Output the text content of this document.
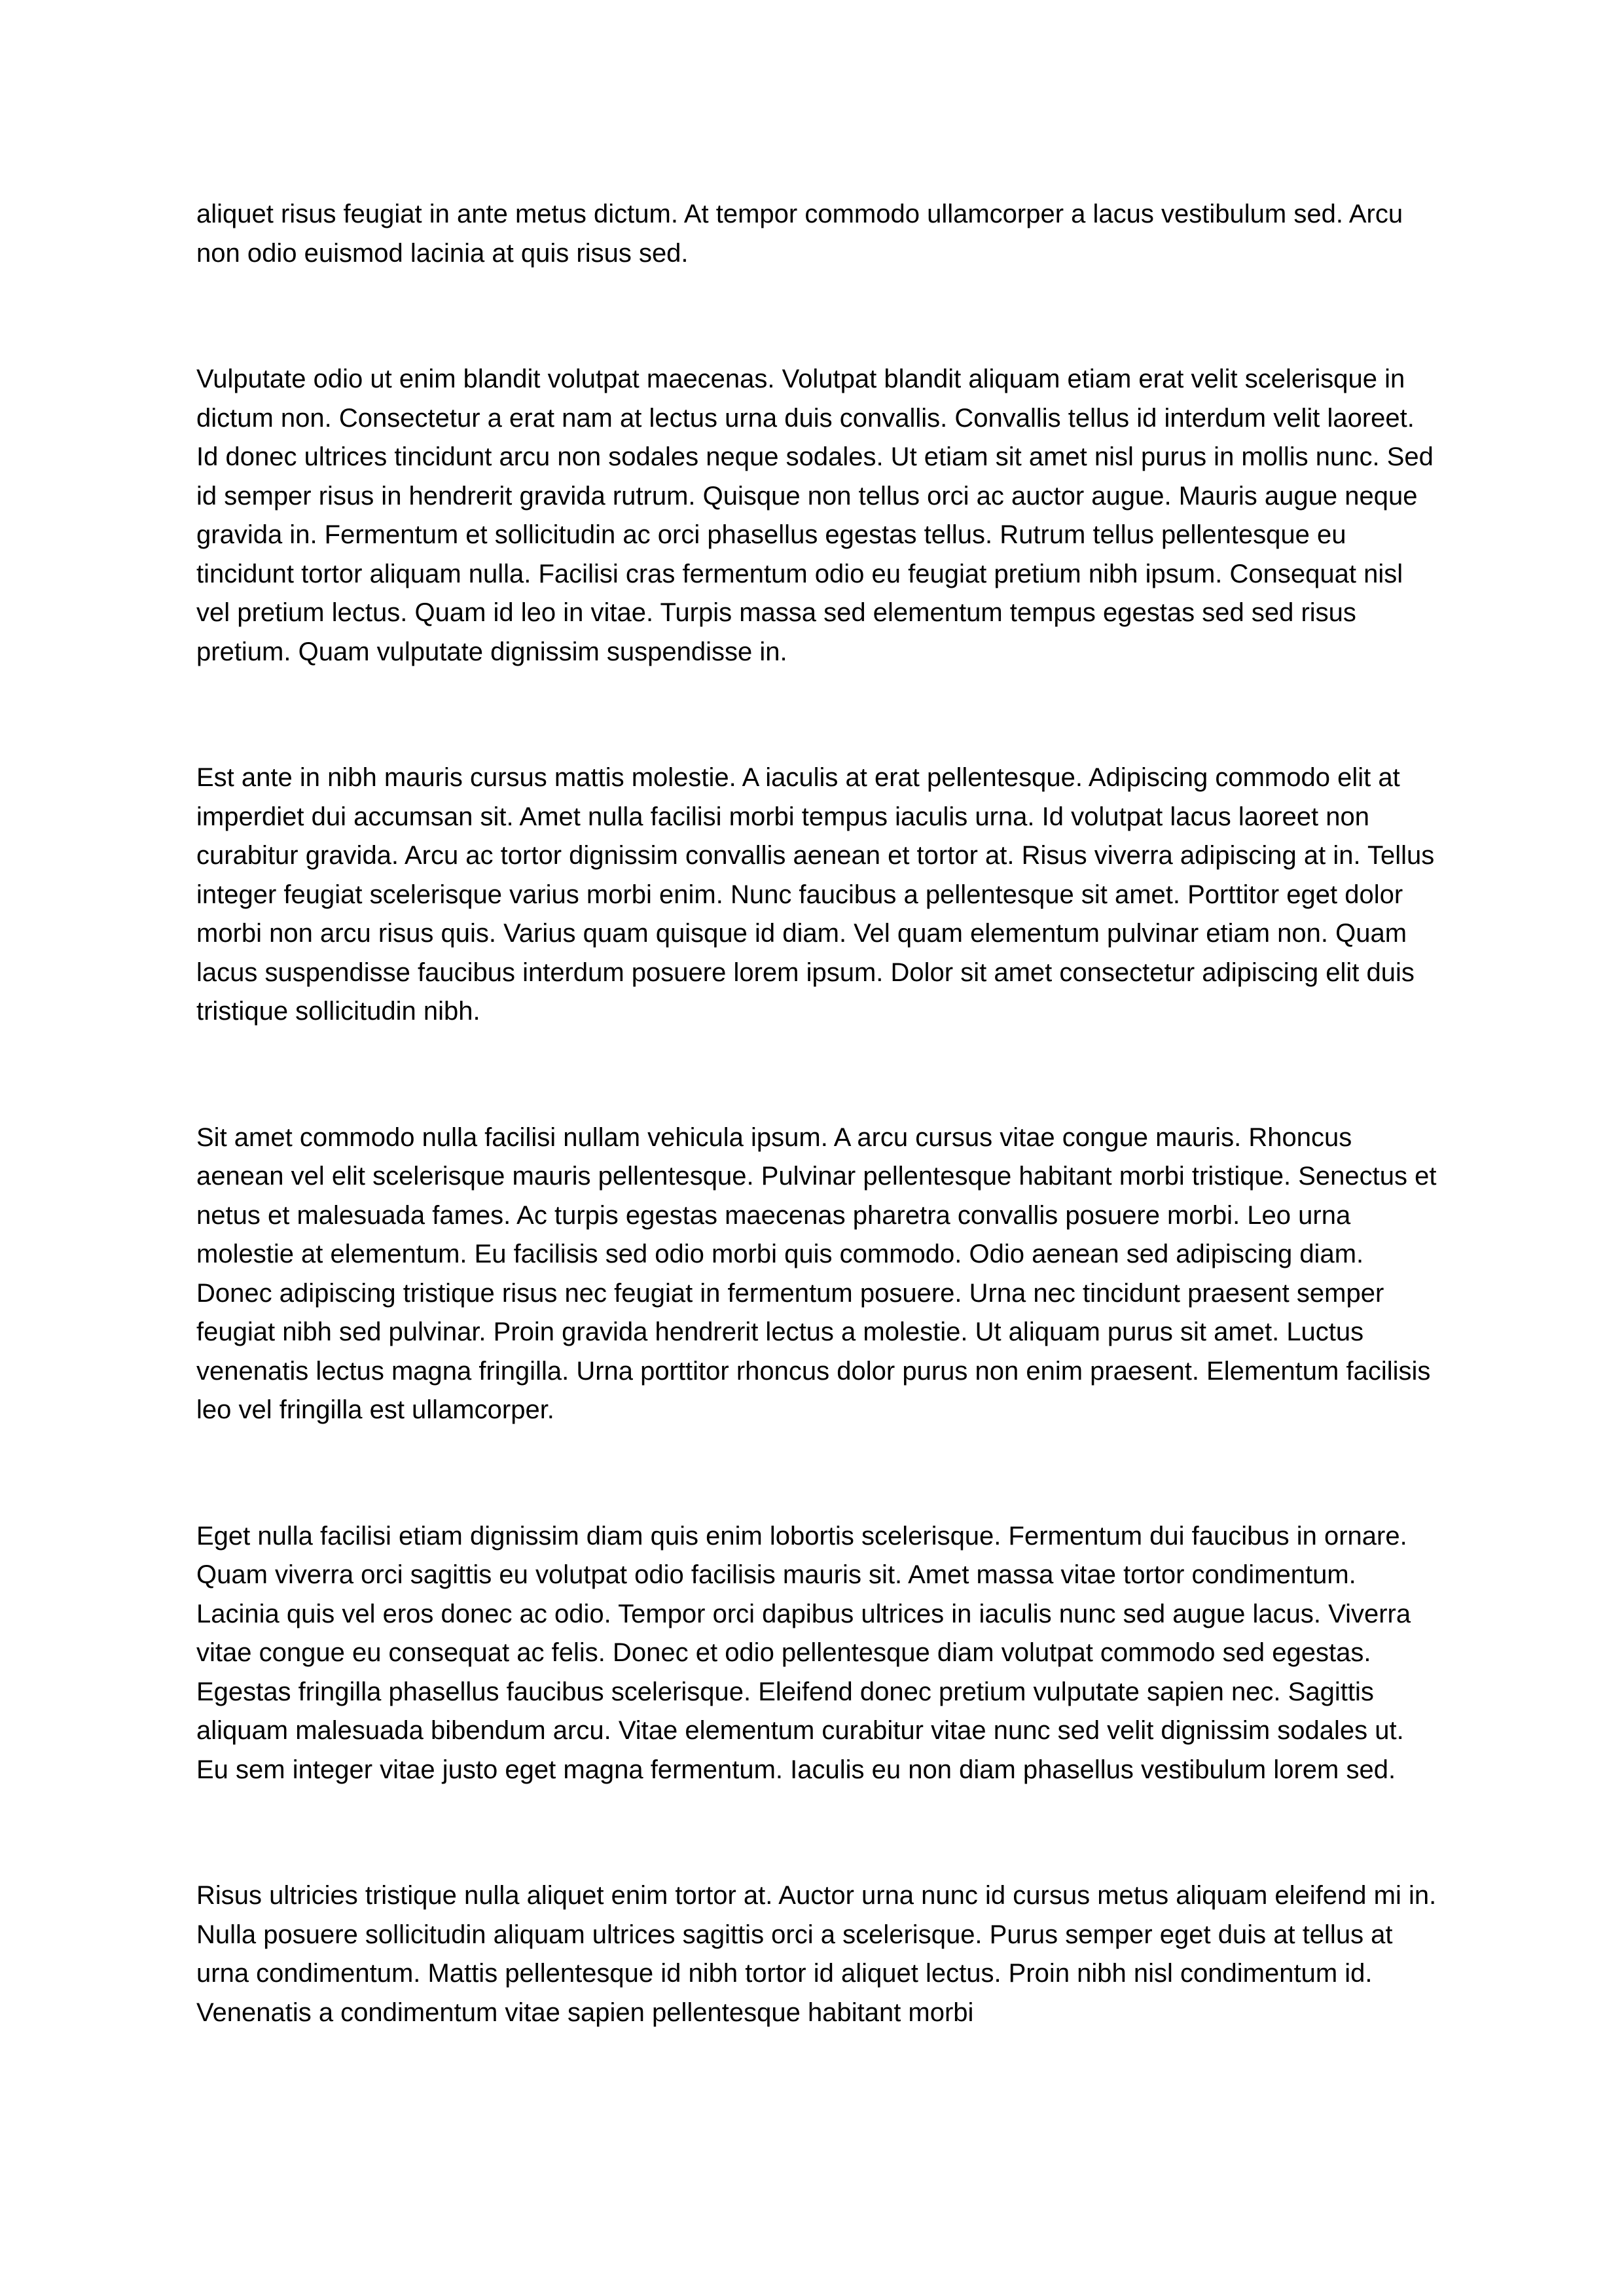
aliquet risus feugiat in ante metus dictum. At tempor commodo ullamcorper a lacus vestibulum sed. Arcu non odio euismod lacinia at quis risus sed.

Vulputate odio ut enim blandit volutpat maecenas. Volutpat blandit aliquam etiam erat velit scelerisque in dictum non. Consectetur a erat nam at lectus urna duis convallis. Convallis tellus id interdum velit laoreet. Id donec ultrices tincidunt arcu non sodales neque sodales. Ut etiam sit amet nisl purus in mollis nunc. Sed id semper risus in hendrerit gravida rutrum. Quisque non tellus orci ac auctor augue. Mauris augue neque gravida in. Fermentum et sollicitudin ac orci phasellus egestas tellus. Rutrum tellus pellentesque eu tincidunt tortor aliquam nulla. Facilisi cras fermentum odio eu feugiat pretium nibh ipsum. Consequat nisl vel pretium lectus. Quam id leo in vitae. Turpis massa sed elementum tempus egestas sed sed risus pretium. Quam vulputate dignissim suspendisse in.

Est ante in nibh mauris cursus mattis molestie. A iaculis at erat pellentesque. Adipiscing commodo elit at imperdiet dui accumsan sit. Amet nulla facilisi morbi tempus iaculis urna. Id volutpat lacus laoreet non curabitur gravida. Arcu ac tortor dignissim convallis aenean et tortor at. Risus viverra adipiscing at in. Tellus integer feugiat scelerisque varius morbi enim. Nunc faucibus a pellentesque sit amet. Porttitor eget dolor morbi non arcu risus quis. Varius quam quisque id diam. Vel quam elementum pulvinar etiam non. Quam lacus suspendisse faucibus interdum posuere lorem ipsum. Dolor sit amet consectetur adipiscing elit duis tristique sollicitudin nibh.

Sit amet commodo nulla facilisi nullam vehicula ipsum. A arcu cursus vitae congue mauris. Rhoncus aenean vel elit scelerisque mauris pellentesque. Pulvinar pellentesque habitant morbi tristique. Senectus et netus et malesuada fames. Ac turpis egestas maecenas pharetra convallis posuere morbi. Leo urna molestie at elementum. Eu facilisis sed odio morbi quis commodo. Odio aenean sed adipiscing diam. Donec adipiscing tristique risus nec feugiat in fermentum posuere. Urna nec tincidunt praesent semper feugiat nibh sed pulvinar. Proin gravida hendrerit lectus a molestie. Ut aliquam purus sit amet. Luctus venenatis lectus magna fringilla. Urna porttitor rhoncus dolor purus non enim praesent. Elementum facilisis leo vel fringilla est ullamcorper.

Eget nulla facilisi etiam dignissim diam quis enim lobortis scelerisque. Fermentum dui faucibus in ornare. Quam viverra orci sagittis eu volutpat odio facilisis mauris sit. Amet massa vitae tortor condimentum. Lacinia quis vel eros donec ac odio. Tempor orci dapibus ultrices in iaculis nunc sed augue lacus. Viverra vitae congue eu consequat ac felis. Donec et odio pellentesque diam volutpat commodo sed egestas. Egestas fringilla phasellus faucibus scelerisque. Eleifend donec pretium vulputate sapien nec. Sagittis aliquam malesuada bibendum arcu. Vitae elementum curabitur vitae nunc sed velit dignissim sodales ut. Eu sem integer vitae justo eget magna fermentum. Iaculis eu non diam phasellus vestibulum lorem sed.

Risus ultricies tristique nulla aliquet enim tortor at. Auctor urna nunc id cursus metus aliquam eleifend mi in. Nulla posuere sollicitudin aliquam ultrices sagittis orci a scelerisque. Purus semper eget duis at tellus at urna condimentum. Mattis pellentesque id nibh tortor id aliquet lectus. Proin nibh nisl condimentum id. Venenatis a condimentum vitae sapien pellentesque habitant morbi
